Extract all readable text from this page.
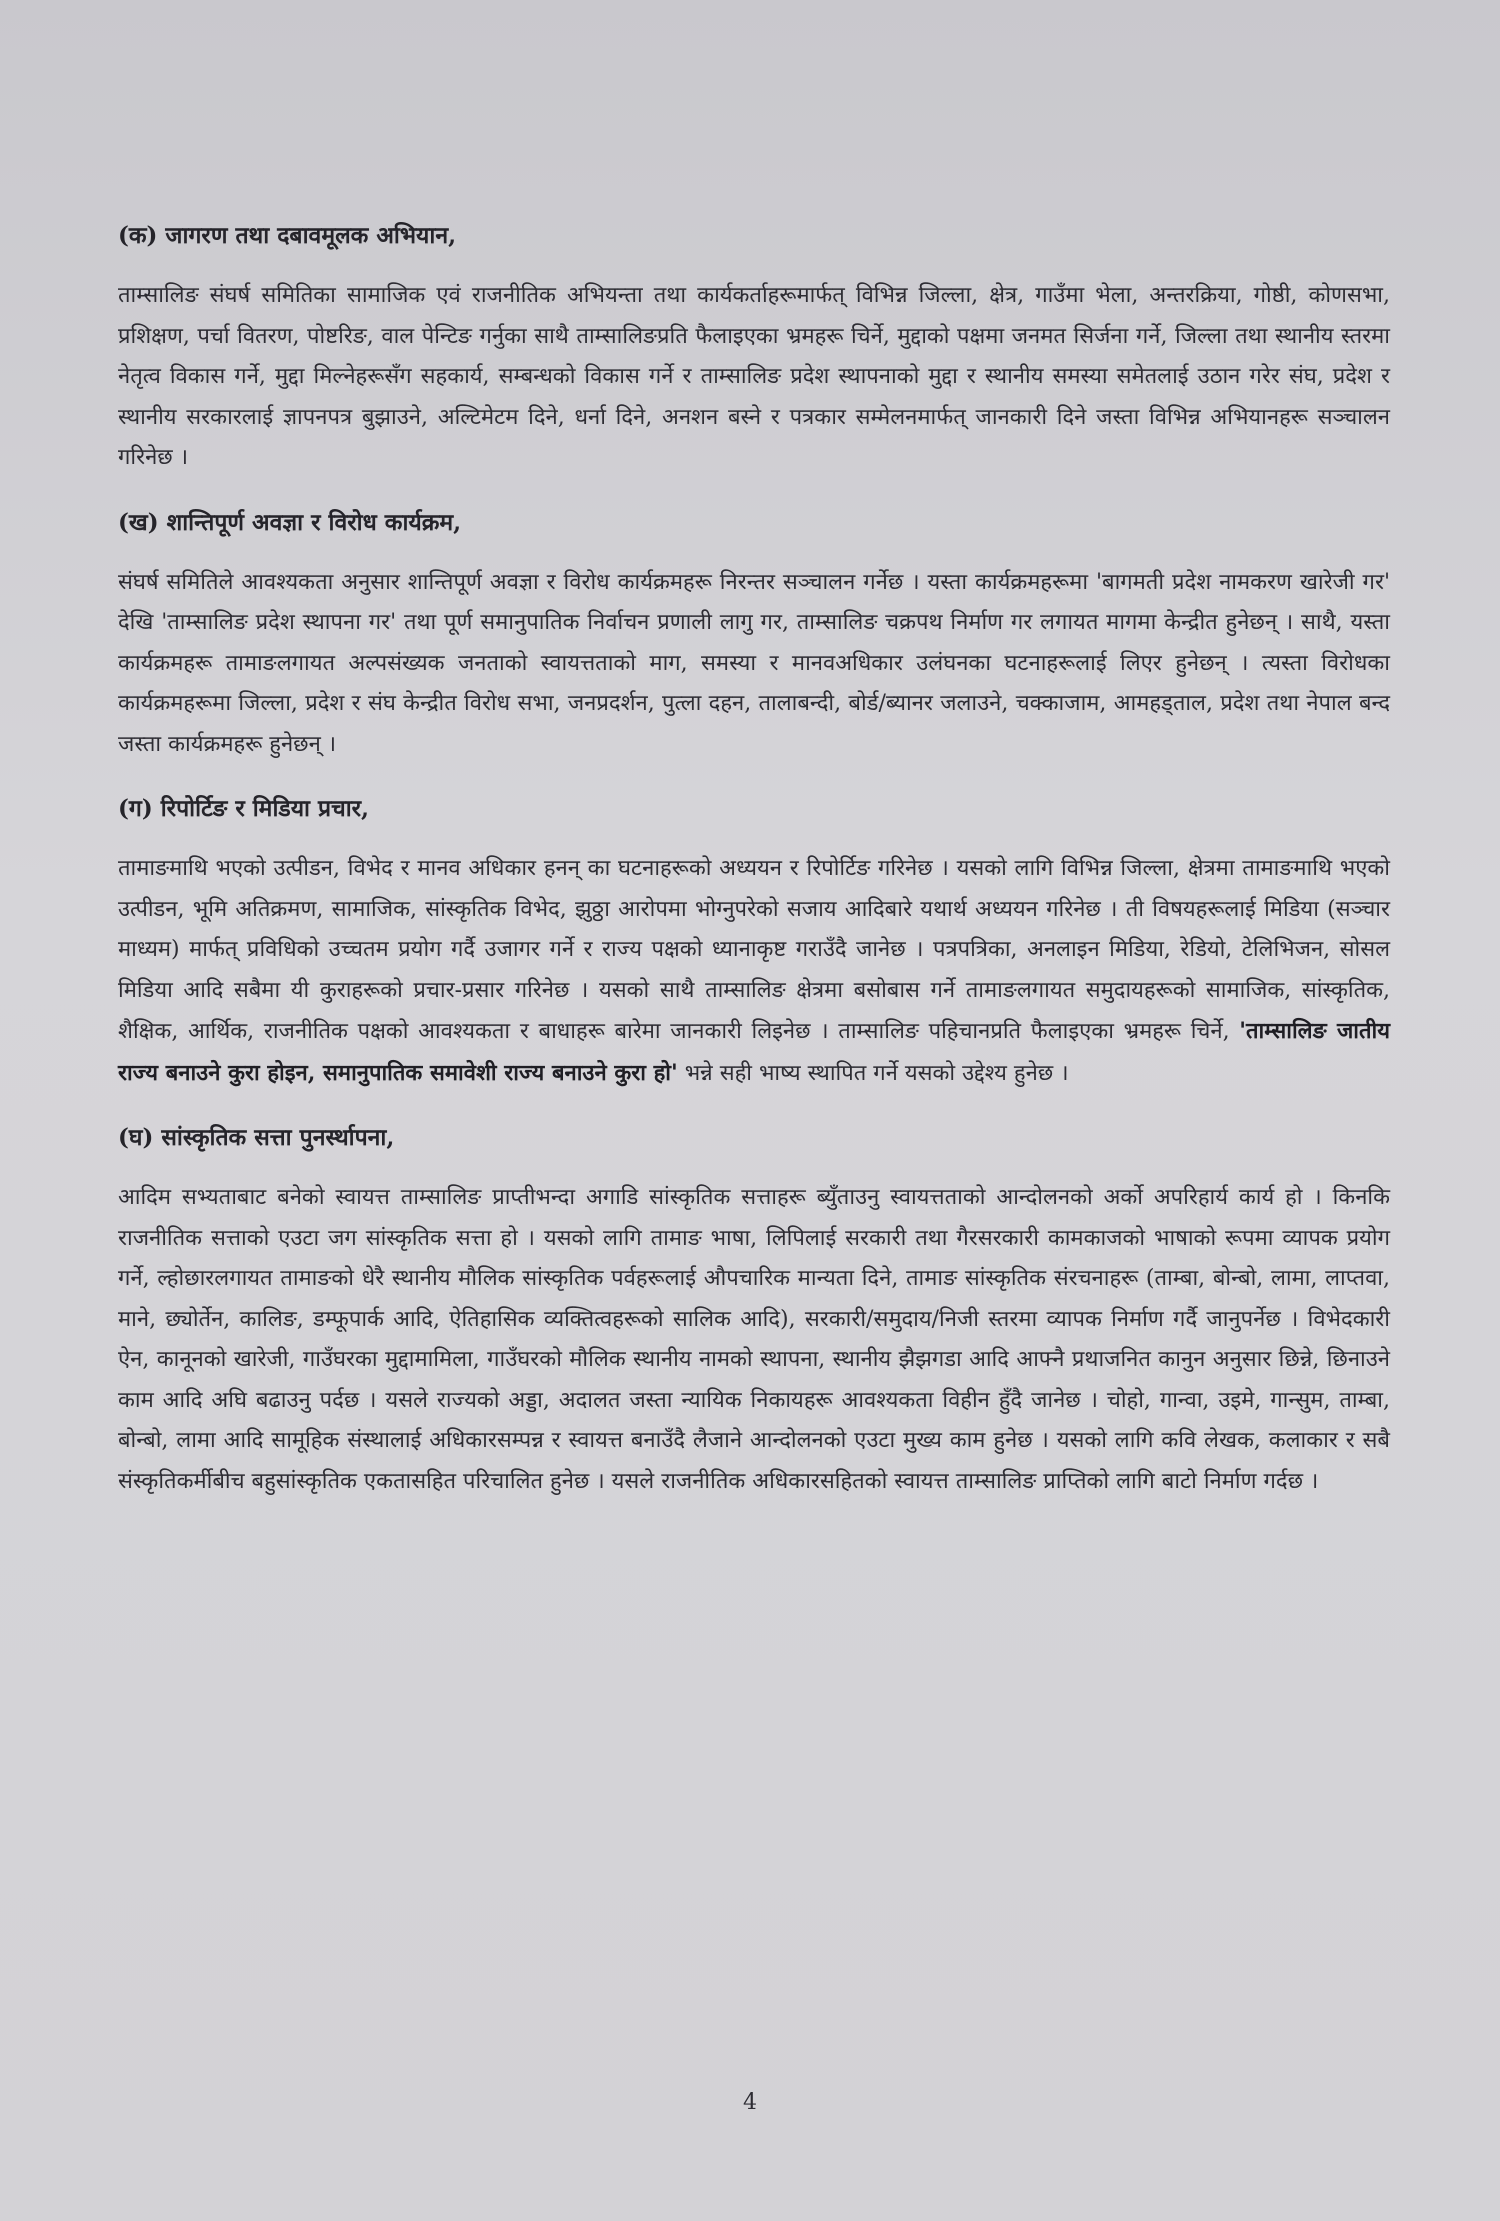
(क) जागरण तथा दबावमूलक अभियान,
ताम्सालिङ संघर्ष समितिका सामाजिक एवं राजनीतिक अभियन्ता तथा कार्यकर्ताहरूमार्फत् विभिन्न जिल्ला, क्षेत्र, गाउँमा भेला, अन्तरक्रिया, गोष्ठी, कोणसभा, प्रशिक्षण, पर्चा वितरण, पोष्टरिङ, वाल पेन्टिङ गर्नुका साथै ताम्सालिङप्रति फैलाइएका भ्रमहरू चिर्ने, मुद्दाको पक्षमा जनमत सिर्जना गर्ने, जिल्ला तथा स्थानीय स्तरमा नेतृत्व विकास गर्ने, मुद्दा मिल्नेहरूसँग सहकार्य, सम्बन्धको विकास गर्ने र ताम्सालिङ प्रदेश स्थापनाको मुद्दा र स्थानीय समस्या समेतलाई उठान गरेर संघ, प्रदेश र स्थानीय सरकारलाई ज्ञापनपत्र बुझाउने, अल्टिमेटम दिने, धर्ना दिने, अनशन बस्ने र पत्रकार सम्मेलनमार्फत् जानकारी दिने जस्ता विभिन्न अभियानहरू सञ्चालन गरिनेछ ।
(ख) शान्तिपूर्ण अवज्ञा र विरोध कार्यक्रम,
संघर्ष समितिले आवश्यकता अनुसार शान्तिपूर्ण अवज्ञा र विरोध कार्यक्रमहरू निरन्तर सञ्चालन गर्नेछ । यस्ता कार्यक्रमहरूमा 'बागमती प्रदेश नामकरण खारेजी गर' देखि 'ताम्सालिङ प्रदेश स्थापना गर' तथा पूर्ण समानुपातिक निर्वाचन प्रणाली लागु गर, ताम्सालिङ चक्रपथ निर्माण गर लगायत मागमा केन्द्रीत हुनेछन् । साथै, यस्ता कार्यक्रमहरू तामाङलगायत अल्पसंख्यक जनताको स्वायत्तताको माग, समस्या र मानवअधिकार उलंघनका घटनाहरूलाई लिएर हुनेछन् । त्यस्ता विरोधका कार्यक्रमहरूमा जिल्ला, प्रदेश र संघ केन्द्रीत विरोध सभा, जनप्रदर्शन, पुत्ला दहन, तालाबन्दी, बोर्ड/ब्यानर जलाउने, चक्काजाम, आमहड्ताल, प्रदेश तथा नेपाल बन्द जस्ता कार्यक्रमहरू हुनेछन् ।
(ग) रिपोर्टिङ र मिडिया प्रचार,
तामाङमाथि भएको उत्पीडन, विभेद र मानव अधिकार हनन् का घटनाहरूको अध्ययन र रिपोर्टिङ गरिनेछ । यसको लागि विभिन्न जिल्ला, क्षेत्रमा तामाङमाथि भएको उत्पीडन, भूमि अतिक्रमण, सामाजिक, सांस्कृतिक विभेद, झुठ्ठा आरोपमा भोग्नुपरेको सजाय आदिबारे यथार्थ अध्ययन गरिनेछ । ती विषयहरूलाई मिडिया (सञ्चार माध्यम) मार्फत् प्रविधिको उच्चतम प्रयोग गर्दै उजागर गर्ने र राज्य पक्षको ध्यानाकृष्ट गराउँदै जानेछ । पत्रपत्रिका, अनलाइन मिडिया, रेडियो, टेलिभिजन, सोसल मिडिया आदि सबैमा यी कुराहरूको प्रचार-प्रसार गरिनेछ । यसको साथै ताम्सालिङ क्षेत्रमा बसोबास गर्ने तामाङलगायत समुदायहरूको सामाजिक, सांस्कृतिक, शैक्षिक, आर्थिक, राजनीतिक पक्षको आवश्यकता र बाधाहरू बारेमा जानकारी लिइनेछ । ताम्सालिङ पहिचानप्रति फैलाइएका भ्रमहरू चिर्ने, 'ताम्सालिङ जातीय राज्य बनाउने कुरा होइन, समानुपातिक समावेशी राज्य बनाउने कुरा हो' भन्ने सही भाष्य स्थापित गर्ने यसको उद्देश्य हुनेछ ।
(घ) सांस्कृतिक सत्ता पुनर्स्थापना,
आदिम सभ्यताबाट बनेको स्वायत्त ताम्सालिङ प्राप्तीभन्दा अगाडि सांस्कृतिक सत्ताहरू ब्युँताउनु स्वायत्तताको आन्दोलनको अर्को अपरिहार्य कार्य हो । किनकि राजनीतिक सत्ताको एउटा जग सांस्कृतिक सत्ता हो । यसको लागि तामाङ भाषा, लिपिलाई सरकारी तथा गैरसरकारी कामकाजको भाषाको रूपमा व्यापक प्रयोग गर्ने, ल्होछारलगायत तामाङको धेरै स्थानीय मौलिक सांस्कृतिक पर्वहरूलाई औपचारिक मान्यता दिने, तामाङ सांस्कृतिक संरचनाहरू (ताम्बा, बोन्बो, लामा, लाप्तवा, माने, छ्योर्तेन, कालिङ, डम्फूपार्क आदि, ऐतिहासिक व्यक्तित्वहरूको सालिक आदि), सरकारी/समुदाय/निजी स्तरमा व्यापक निर्माण गर्दै जानुपर्नेछ । विभेदकारी ऐन, कानूनको खारेजी, गाउँघरका मुद्दामामिला, गाउँघरको मौलिक स्थानीय नामको स्थापना, स्थानीय झैझगडा आदि आफ्नै प्रथाजनित कानुन अनुसार छिन्ने, छिनाउने काम आदि अघि बढाउनु पर्दछ । यसले राज्यको अड्डा, अदालत जस्ता न्यायिक निकायहरू आवश्यकता विहीन हुँदै जानेछ । चोहो, गान्वा, उइमे, गान्सुम, ताम्बा, बोन्बो, लामा आदि सामूहिक संस्थालाई अधिकारसम्पन्न र स्वायत्त बनाउँदै लैजाने आन्दोलनको एउटा मुख्य काम हुनेछ । यसको लागि कवि लेखक, कलाकार र सबै संस्कृतिकर्मीबीच बहुसांस्कृतिक एकतासहित परिचालित हुनेछ । यसले राजनीतिक अधिकारसहितको स्वायत्त ताम्सालिङ प्राप्तिको लागि बाटो निर्माण गर्दछ ।
4
